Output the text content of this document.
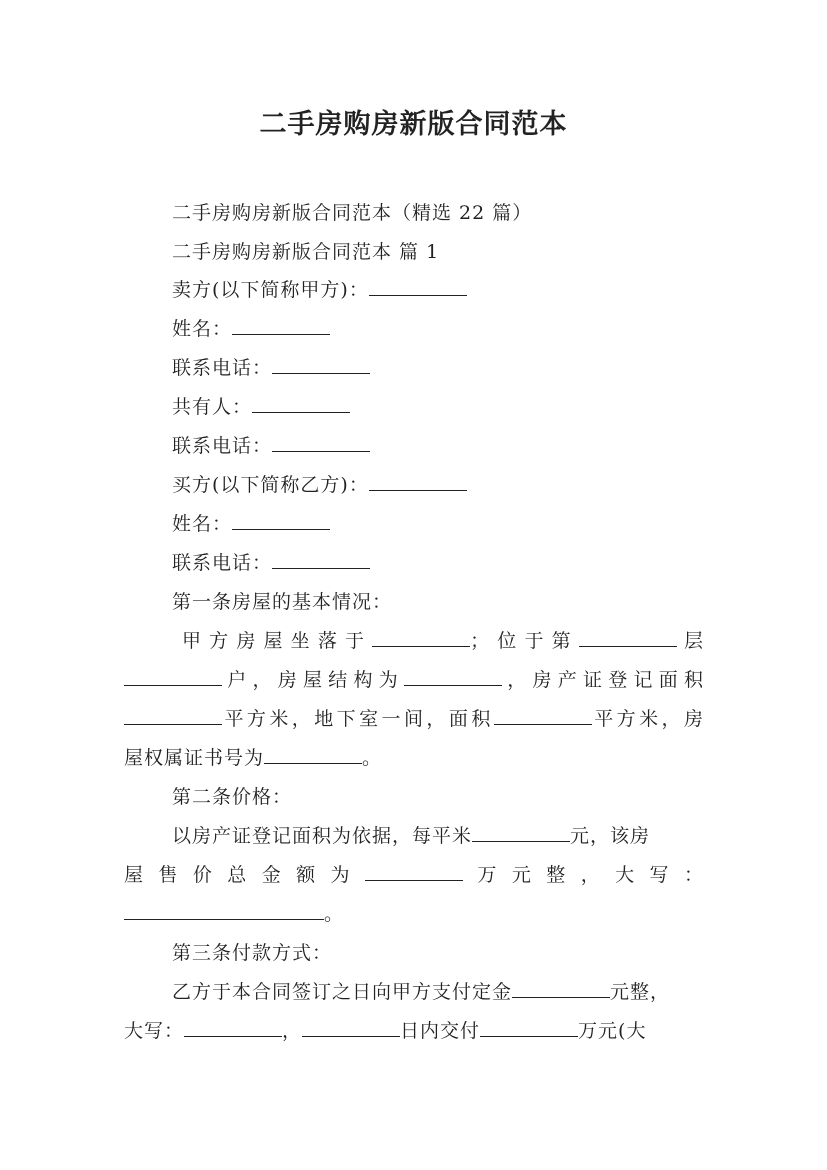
二手房购房新版合同范本
二手房购房新版合同范本（精选 22 篇）
二手房购房新版合同范本 篇 1
卖方(以下简称甲方)：
姓名：
联系电话：
共有人：
联系电话：
买方(以下简称乙方)：
姓名：
联系电话：
第一条房屋的基本情况：
甲方房屋坐落于	；位于第	层
户，房屋结构为	，房产证登记面积
平方米，地下室一间，面积	平方米，房
屋权属证书号为	。
第二条价格：
以房产证登记面积为依据，每平米	元，该房
屋售价总金额为	万元整，大写：
。
第三条付款方式：
乙方于本合同签订之日向甲方支付定金	元整，
大写：	，	日内交付	万元(大
